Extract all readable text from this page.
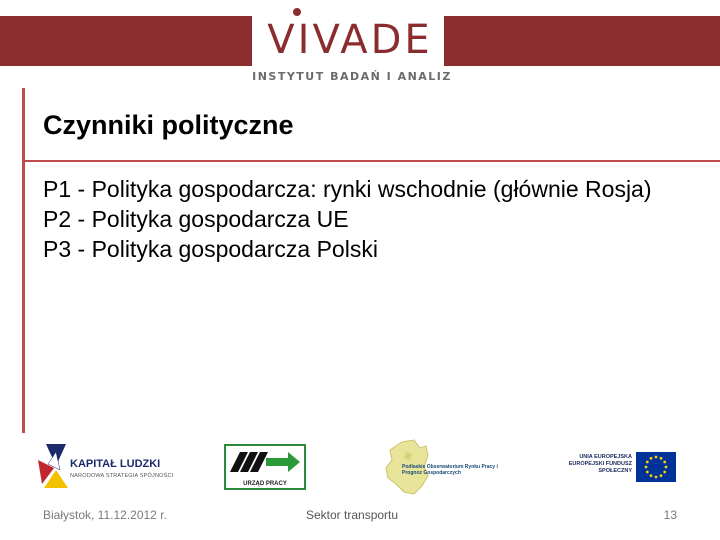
VIVADE
INSTYTUT BADAŃ I ANALIZ
Czynniki polityczne

P1 - Polityka gospodarcza: rynki wschodnie (głównie Rosja)

P2 - Polityka gospodarcza UE

P3 - Polityka gospodarcza Polski

KAPITAŁ LUDZKI
NARODOWA STRATEGIA SPÓJNOŚCI
URZĄD PRACY
Podlaskie Obserwatorium Rynku Pracy i Prognoz Gospodarczych
UNIA EUROPEJSKA EUROPEJSKI FUNDUSZ SPOŁECZNY
Białystok, 11.12.2012 r.	Sektor transportu	13
